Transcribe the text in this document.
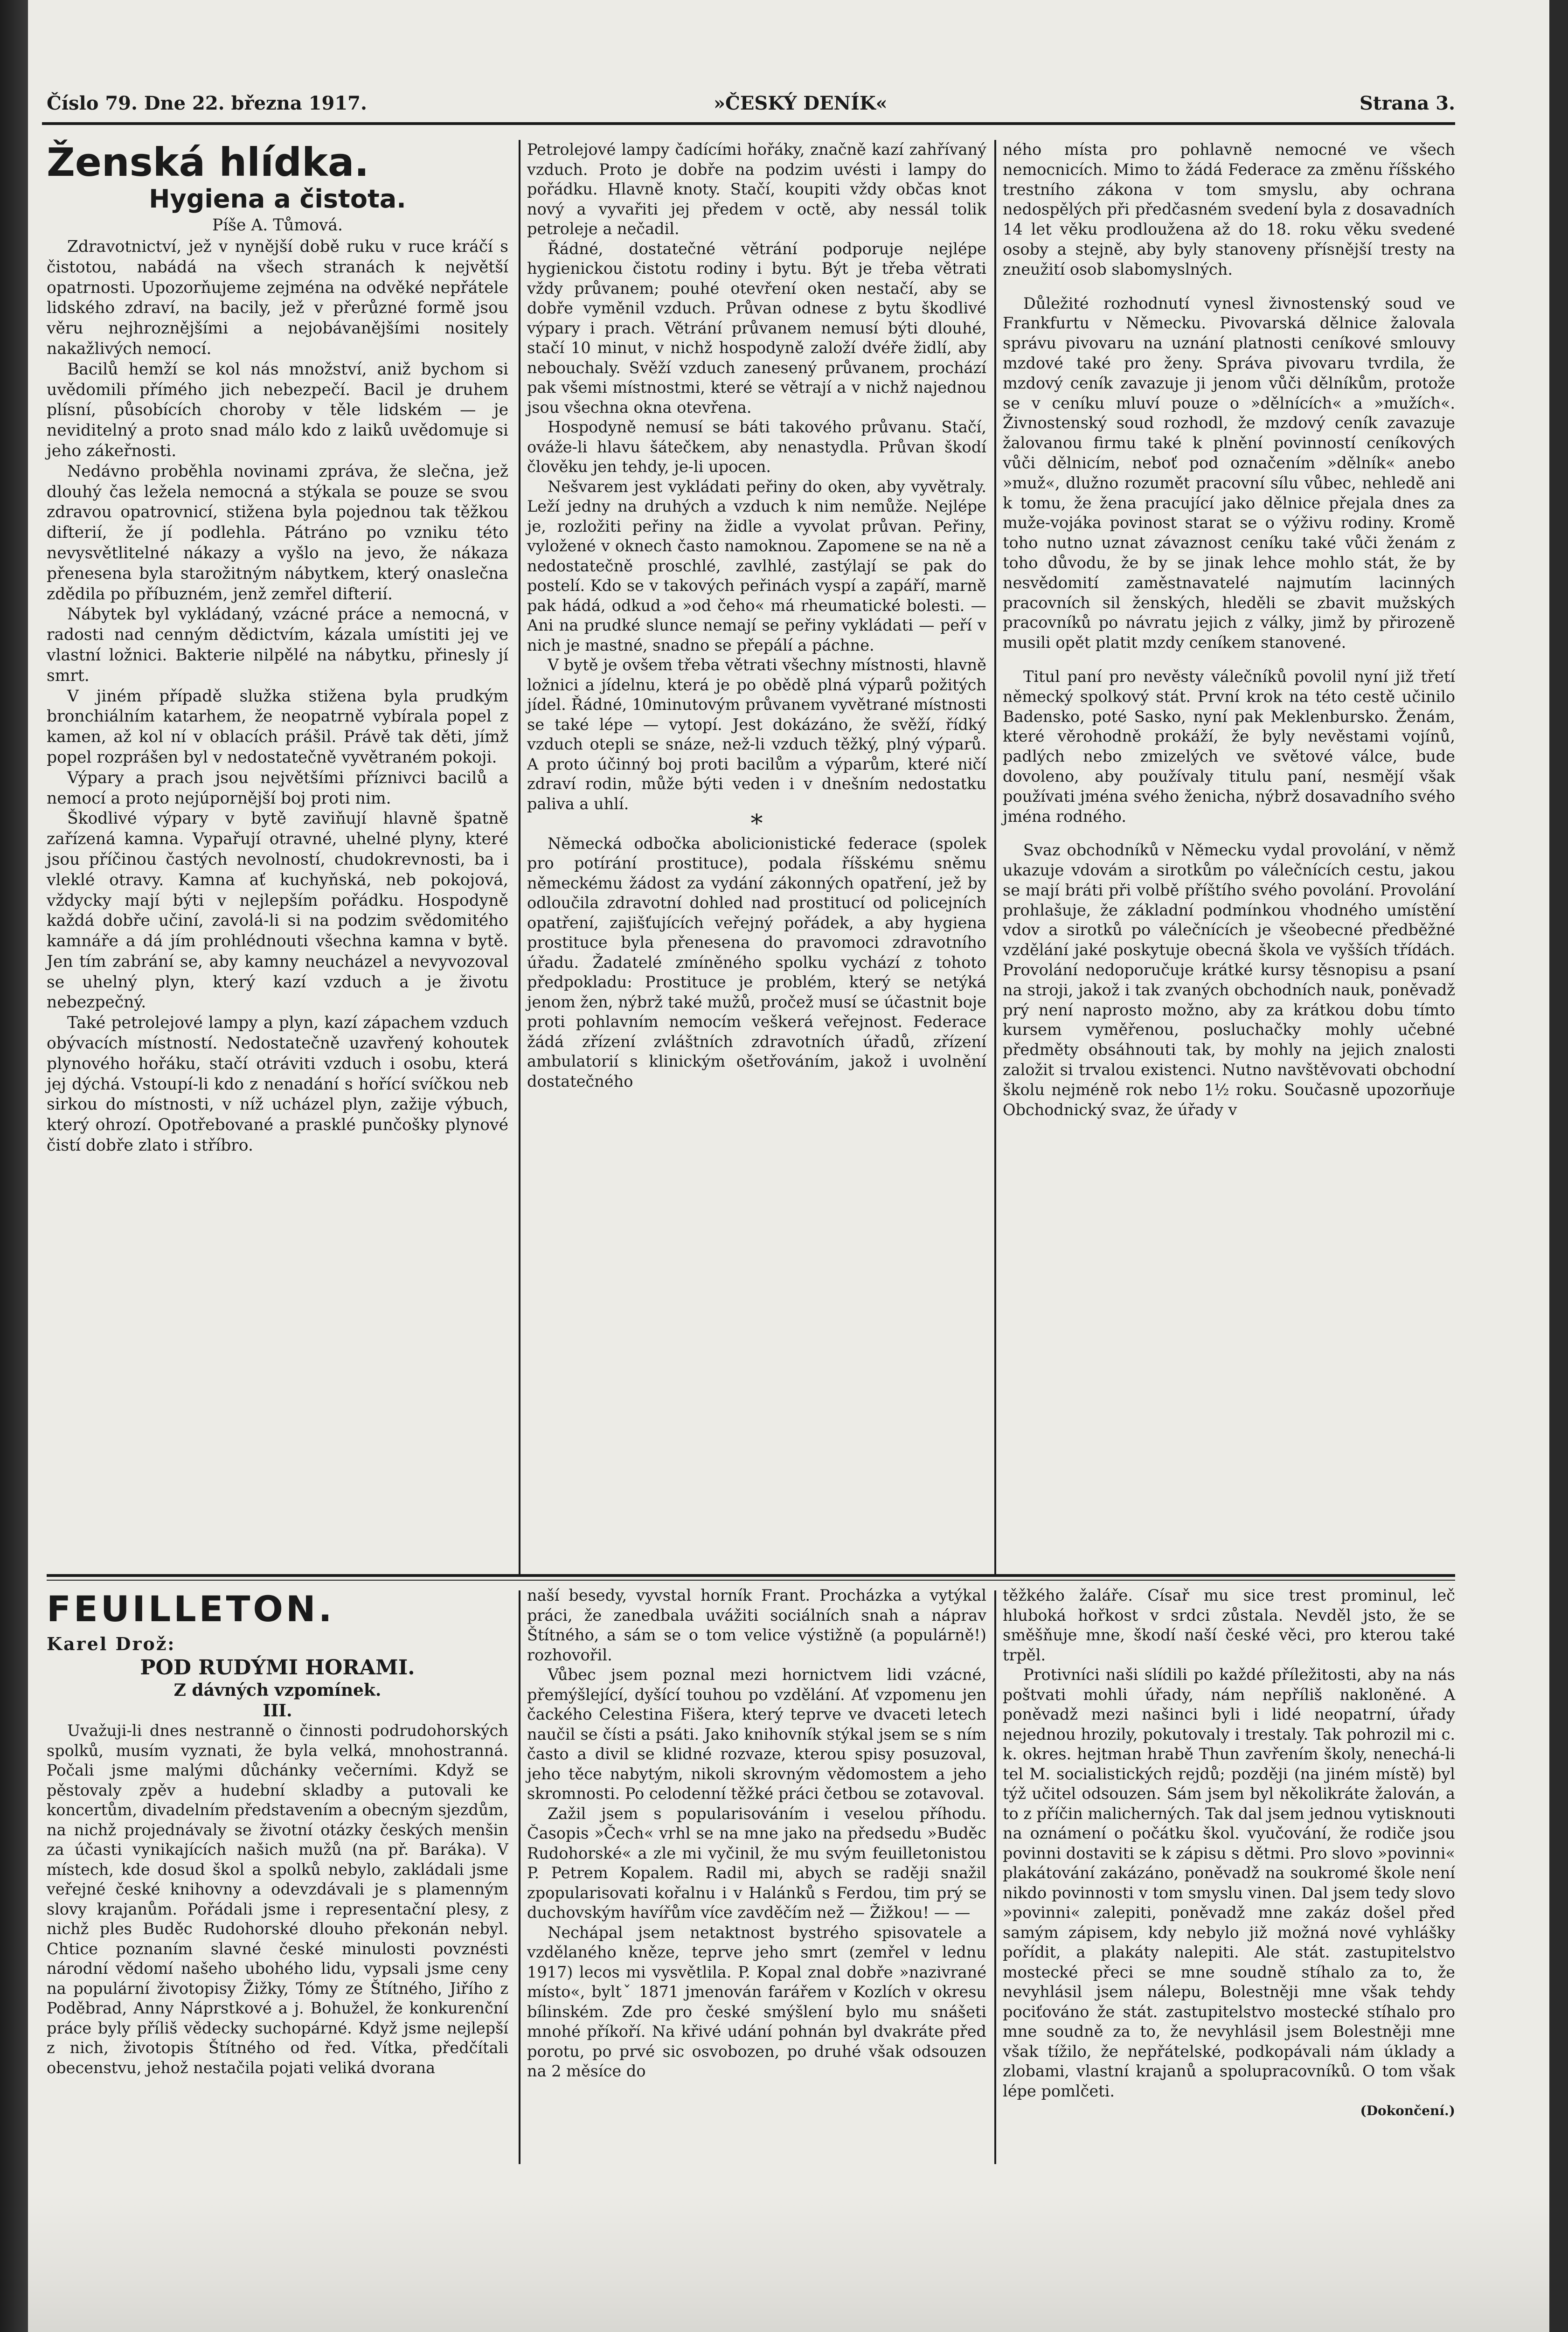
Číslo 79. Dne 22. března 1917.	»ČESKÝ DENÍK«	Strana 3.
Ženská hlídka.
Hygiena a čistota.
Píše A. Tůmová.

Zdravotnictví, jež v nynější době ruku v ruce kráčí s čistotou, nabádá na všech stranách k největší opatrnosti. Upozorňujeme zejména na odvěké nepřátele lidského zdraví, na bacily, jež v přerůzné formě jsou věru nejhroznějšími a nejobávanějšími nositely nakažlivých nemocí.

Bacilů hemží se kol nás množství, aniž bychom si uvědomili přímého jich nebezpečí. Bacil je druhem plísní, působících choroby v těle lidském — je neviditelný a proto snad málo kdo z laiků uvědomuje si jeho zákeřnosti.

Nedávno proběhla novinami zpráva, že slečna, jež dlouhý čas ležela nemocná a stýkala se pouze se svou zdravou opatrovnicí, stižena byla pojednou tak těžkou difterií, že jí podlehla. Pátráno po vzniku této nevysvětlitelné nákazy a vyšlo na jevo, že nákaza přenesena byla starožitným nábytkem, který onaslečna zdědila po příbuzném, jenž zemřel difterií.

Nábytek byl vykládaný, vzácné práce a nemocná, v radosti nad cenným dědictvím, kázala umístiti jej ve vlastní ložnici. Bakterie nilpělé na nábytku, přinesly jí smrt.

V jiném případě služka stižena byla prudkým bronchiálním katarhem, že neopatrně vybírala popel z kamen, až kol ní v oblacích prášil. Právě tak děti, jímž popel rozprášen byl v nedostatečně vyvětraném pokoji.

Výpary a prach jsou největšími příznivci bacilů a nemocí a proto nejúpornější boj proti nim.

Škodlivé výpary v bytě zaviňují hlavně špatně zařízená kamna. Vypařují otravné, uhelné plyny, které jsou příčinou častých nevolností, chudokrevnosti, ba i vleklé otravy. Kamna ať kuchyňská, neb pokojová, vždycky mají býti v nejlepším pořádku. Hospodyně každá dobře učiní, zavolá-li si na podzim svědomitého kamnáře a dá jím prohlédnouti všechna kamna v bytě. Jen tím zabrání se, aby kamny neucházel a nevyvozoval se uhelný plyn, který kazí vzduch a je životu nebezpečný.

Také petrolejové lampy a plyn, kazí zápachem vzduch obývacích místností. Nedostatečně uzavřený kohoutek plynového hořáku, stačí otráviti vzduch i osobu, která jej dýchá. Vstoupí-li kdo z nenadání s hořící svíčkou neb sirkou do místnosti, v níž ucházel plyn, zažije výbuch, který ohrozí. Opotřebované a prasklé punčošky plynové čistí dobře zlato i stříbro.

Petrolejové lampy čadícími hořáky, značně kazí zahřívaný vzduch. Proto je dobře na podzim uvésti i lampy do pořádku. Hlavně knoty. Stačí, koupiti vždy občas knot nový a vyvařiti jej předem v octě, aby nessál tolik petroleje a nečadil.

Řádné, dostatečné větrání podporuje nejlépe hygienickou čistotu rodiny i bytu. Být je třeba větrati vždy průvanem; pouhé otevření oken nestačí, aby se dobře vyměnil vzduch. Průvan odnese z bytu škodlivé výpary i prach. Větrání průvanem nemusí býti dlouhé, stačí 10 minut, v nichž hospodyně založí dvéře židlí, aby nebouchaly. Svěží vzduch zanesený průvanem, prochází pak všemi místnostmi, které se větrají a v nichž najednou jsou všechna okna otevřena.

Hospodyně nemusí se báti takového průvanu. Stačí, ováže-li hlavu šátečkem, aby nenastydla. Průvan škodí člověku jen tehdy, je-li upocen.

Nešvarem jest vykládati peřiny do oken, aby vyvětraly. Leží jedny na druhých a vzduch k nim nemůže. Nejlépe je, rozložiti peřiny na židle a vyvolat průvan. Peřiny, vyložené v oknech často namoknou. Zapomene se na ně a nedostatečně proschlé, zavlhlé, zastýlají se pak do postelí. Kdo se v takových peřinách vyspí a zapáří, marně pak hádá, odkud a »od čeho« má rheumatické bolesti. — Ani na prudké slunce nemají se peřiny vykládati — peří v nich je mastné, snadno se přepálí a páchne.

V bytě je ovšem třeba větrati všechny místnosti, hlavně ložnici a jídelnu, která je po obědě plná výparů požitých jídel. Řádné, 10minutovým průvanem vyvětrané místnosti se také lépe — vytopí. Jest dokázáno, že svěží, řídký vzduch otepli se snáze, než-li vzduch těžký, plný výparů. A proto účinný boj proti bacilům a výparům, které ničí zdraví rodin, může býti veden i v dnešním nedostatku paliva a uhlí.

*

Německá odbočka abolicionistické federace (spolek pro potírání prostituce), podala říšskému sněmu německému žádost za vydání zákonných opatření, jež by odloučila zdravotní dohled nad prostitucí od policejních opatření, zajišťujících veřejný pořádek, a aby hygiena prostituce byla přenesena do pravomoci zdravotního úřadu. Žadatelé zmíněného spolku vychází z tohoto předpokladu: Prostituce je problém, který se netýká jenom žen, nýbrž také mužů, pročež musí se účastnit boje proti pohlavním nemocím veškerá veřejnost. Federace žádá zřízení zvláštních zdravotních úřadů, zřízení ambulatorií s klinickým ošetřováním, jakož i uvolnění dostatečného

ného místa pro pohlavně nemocné ve všech nemocnicích. Mimo to žádá Federace za změnu říšského trestního zákona v tom smyslu, aby ochrana nedospělých při předčasném svedení byla z dosavadních 14 let věku prodloužena až do 18. roku věku svedené osoby a stejně, aby byly stanoveny přísnější tresty na zneužití osob slabomyslných.

Důležité rozhodnutí vynesl živnostenský soud ve Frankfurtu v Německu. Pivovarská dělnice žalovala správu pivovaru na uznání platnosti ceníkové smlouvy mzdové také pro ženy. Správa pivovaru tvrdila, že mzdový ceník zavazuje ji jenom vůči dělníkům, protože se v ceníku mluví pouze o »dělnících« a »mužích«. Živnostenský soud rozhodl, že mzdový ceník zavazuje žalovanou firmu také k plnění povinností ceníkových vůči dělnicím, neboť pod označením »dělník« anebo »muž«, dlužno rozumět pracovní sílu vůbec, nehledě ani k tomu, že žena pracující jako dělnice přejala dnes za muže-vojáka povinost starat se o výživu rodiny. Kromě toho nutno uznat závaznost ceníku také vůči ženám z toho důvodu, že by se jinak lehce mohlo stát, že by nesvědomití zaměstnavatelé najmutím lacinných pracovních sil ženských, hleděli se zbavit mužských pracovníků po návratu jejich z války, jimž by přirozeně musili opět platit mzdy ceníkem stanovené.

Titul paní pro nevěsty válečníků povolil nyní již třetí německý spolkový stát. První krok na této cestě učinilo Badensko, poté Sasko, nyní pak Meklenbursko. Ženám, které věrohodně prokáží, že byly nevěstami vojínů, padlých nebo zmizelých ve světové válce, bude dovoleno, aby používaly titulu paní, nesmějí však používati jména svého ženicha, nýbrž dosavadního svého jména rodného.

Svaz obchodníků v Německu vydal provolání, v němž ukazuje vdovám a sirotkům po válečnících cestu, jakou se mají bráti při volbě příštího svého povolání. Provolání prohlašuje, že základní podmínkou vhodného umístění vdov a sirotků po válečnících je všeobecné předběžné vzdělání jaké poskytuje obecná škola ve vyšších třídách. Provolání nedoporučuje krátké kursy těsnopisu a psaní na stroji, jakož i tak zvaných obchodních nauk, poněvadž prý není naprosto možno, aby za krátkou dobu tímto kursem vyměřenou, posluchačky mohly učebné předměty obsáhnouti tak, by mohly na jejich znalosti založit si trvalou existenci. Nutno navštěvovati obchodní školu nejméně rok nebo 1½ roku. Současně upozorňuje Obchodnický svaz, že úřady v

FEUILLETON.
Karel Drož:
POD RUDÝMI HORAMI.
Z dávných vzpomínek.
III.

Uvažuji-li dnes nestranně o činnosti podrudohorských spolků, musím vyznati, že byla velká, mnohostranná. Počali jsme malými důchánky večerními. Když se pěstovaly zpěv a hudební skladby a putovali ke koncertům, divadelním představením a obecným sjezdům, na nichž projednávaly se životní otázky českých menšin za účasti vynikajících našich mužů (na př. Baráka). V místech, kde dosud škol a spolků nebylo, zakládali jsme veřejné české knihovny a odevzdávali je s plamenným slovy krajanům. Pořádali jsme i representační plesy, z nichž ples Buděc Rudohorské dlouho překonán nebyl. Chtice poznaním slavné české minulosti povznésti národní vědomí našeho ubohého lidu, vypsali jsme ceny na populární životopisy Žižky, Tómy ze Štítného, Jiřího z Poděbrad, Anny Náprstkové a j. Bohužel, že konkurenční práce byly příliš vědecky suchopárné. Když jsme nejlepší z nich, životopis Štítného od řed. Vítka, předčítali obecenstvu, jehož nestačila pojati veliká dvorana

naší besedy, vyvstal horník Frant. Procházka a vytýkal práci, že zanedbala uvážiti sociálních snah a náprav Štítného, a sám se o tom velice výstižně (a populárně!) rozhovořil.

Vůbec jsem poznal mezi hornictvem lidi vzácné, přemýšlející, dyšící touhou po vzdělání. Ať vzpomenu jen čackého Celestina Fišera, který teprve ve dvaceti letech naučil se čísti a psáti. Jako knihovník stýkal jsem se s ním často a divil se klidné rozvaze, kterou spisy posuzoval, jeho těce nabytým, nikoli skrovným vědomostem a jeho skromnosti. Po celodenní těžké práci četbou se zotavoval.

Zažil jsem s popularisováním i veselou příhodu. Časopis »Čech« vrhl se na mne jako na předsedu »Buděc Rudohorské« a zle mi vyčinil, že mu svým feuilletonistou P. Petrem Kopalem. Radil mi, abych se raději snažil zpopularisovati kořalnu i v Halánků s Ferdou, tim prý se duchovským havířům více zavděčím než — Žižkou! — —

Nechápal jsem netaktnost bystrého spisovatele a vzdělaného kněze, teprve jeho smrt (zemřel v lednu 1917) lecos mi vysvětlila. P. Kopal znal dobře »nazivrané místo«, byltˇ 1871 jmenován farářem v Kozlích v okresu bílinském. Zde pro české smýšlení bylo mu snášeti mnohé příkoří. Na křivé udání pohnán byl dvakráte před porotu, po prvé sic osvobozen, po druhé však odsouzen na 2 měsíce do

těžkého žaláře. Císař mu sice trest prominul, leč hluboká hořkost v srdci zůstala. Nevděl jsto, že se směšňuje mne, škodí naší české věci, pro kterou také trpěl.

Protivníci naši slídili po každé příležitosti, aby na nás poštvati mohli úřady, nám nepříliš nakloněné. A poněvadž mezi našinci byli i lidé neopatrní, úřady nejednou hrozily, pokutovaly i trestaly. Tak pohrozil mi c. k. okres. hejtman hrabě Thun zavřením školy, nenechá-li tel M. socialistických rejdů; později (na jiném místě) byl týž učitel odsouzen. Sám jsem byl několikráte žalován, a to z příčin malicherných. Tak dal jsem jednou vytisknouti na oznámení o počátku škol. vyučování, že rodiče jsou povinni dostaviti se k zápisu s dětmi. Pro slovo »povinni« plakátování zakázáno, poněvadž na soukromé škole není nikdo povinnosti v tom smyslu vinen. Dal jsem tedy slovo »povinni« zalepiti, poněvadž mne zakáz došel před samým zápisem, kdy nebylo již možná nové vyhlášky pořídit, a plakáty nalepiti. Ale stát. zastupitelstvo mostecké přeci se mne soudně stíhalo za to, že nevyhlásil jsem nálepu, Bolestněji mne však tehdy pociťováno že stát. zastupitelstvo mostecké stíhalo pro mne soudně za to, že nevyhlásil jsem Bolestněji mne však tížilo, že nepřátelské, podkopávali nám úklady a zlobami, vlastní krajanů a spolupracovníků. O tom však lépe pomlčeti.

(Dokončení.)
